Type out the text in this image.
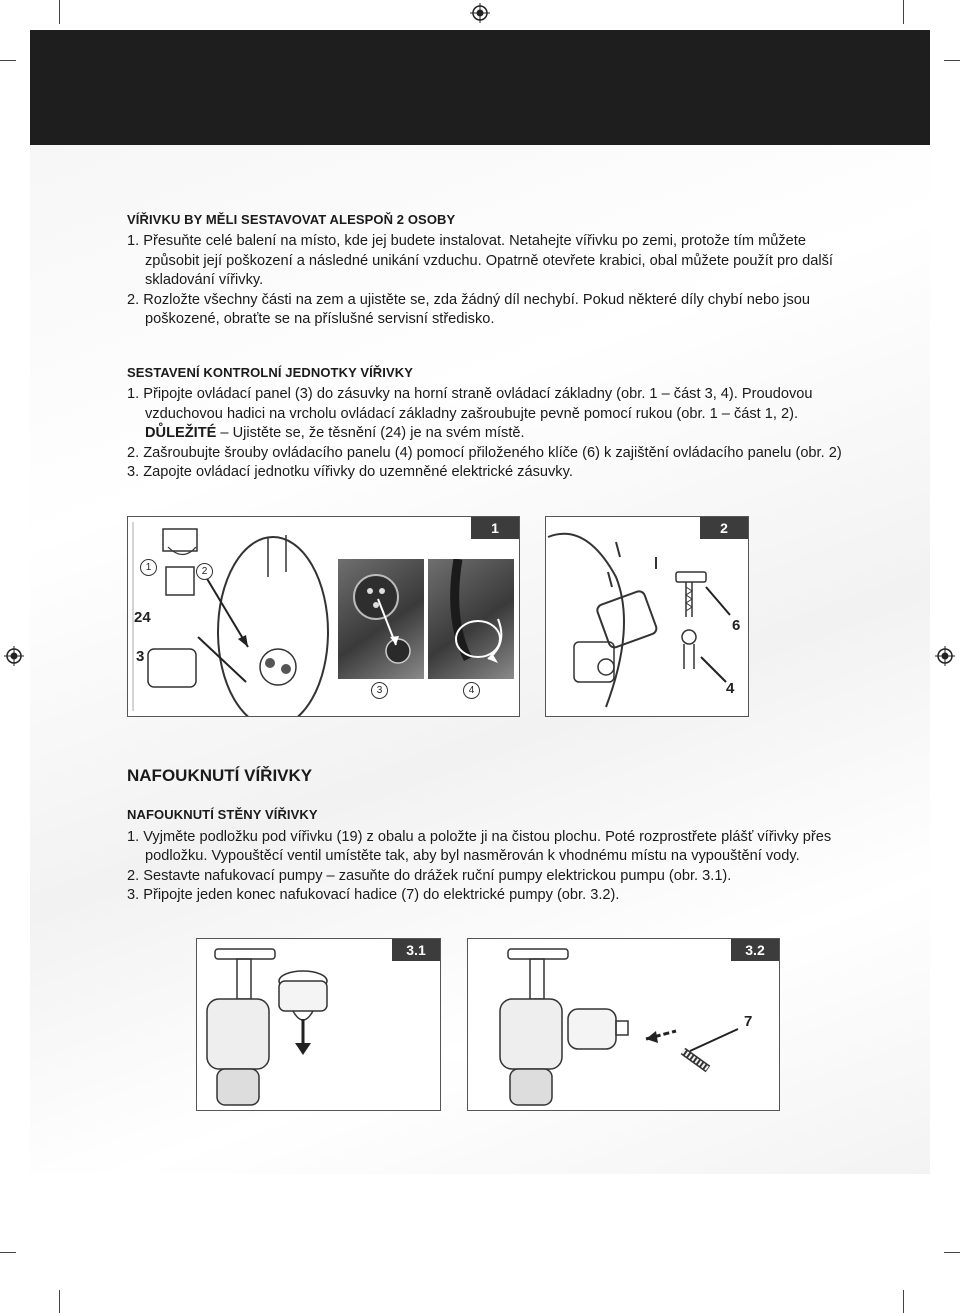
VÍŘIVKU BY MĚLI SESTAVOVAT ALESPOŇ 2 OSOBY

1. Přesuňte celé balení na místo, kde jej budete instalovat. Netahejte vířivku po zemi, protože tím můžete způsobit její poškození a následné unikání vzduchu. Opatrně otevřete krabici, obal můžete použít pro další skladování vířivky.

2. Rozložte všechny části na zem a ujistěte se, zda žádný díl nechybí. Pokud některé díly chybí nebo jsou poškozené, obraťte se na příslušné servisní středisko.

SESTAVENÍ KONTROLNÍ JEDNOTKY VÍŘIVKY

1. Připojte ovládací panel (3) do zásuvky na horní straně ovládací základny (obr. 1 – část 3, 4). Proudovou vzduchovou hadici na vrcholu ovládací základny zašroubujte pevně pomocí rukou (obr. 1 – část 1, 2). DŮLEŽITÉ – Ujistěte se, že těsnění (24) je na svém místě.

2. Zašroubujte šrouby ovládacího panelu (4) pomocí přiloženého klíče (6) k zajištění ovládacího panelu (obr. 2)

3. Zapojte ovládací jednotku vířivky do uzemněné elektrické zásuvky.

1
24
3
1	2
3	4
2
6
4

NAFOUKNUTÍ VÍŘIVKY

NAFOUKNUTÍ STĚNY VÍŘIVKY

1. Vyjměte podložku pod vířivku (19) z obalu a položte ji na čistou plochu. Poté rozprostřete plášť vířivky přes podložku. Vypouštěcí ventil umístěte tak, aby byl nasměrován k vhodnému místu na vypouštění vody.

2. Sestavte nafukovací pumpy – zasuňte do drážek ruční pumpy elektrickou pumpu (obr. 3.1).

3. Připojte jeden konec nafukovací hadice (7) do elektrické pumpy (obr. 3.2).

3.1	3.2
7
